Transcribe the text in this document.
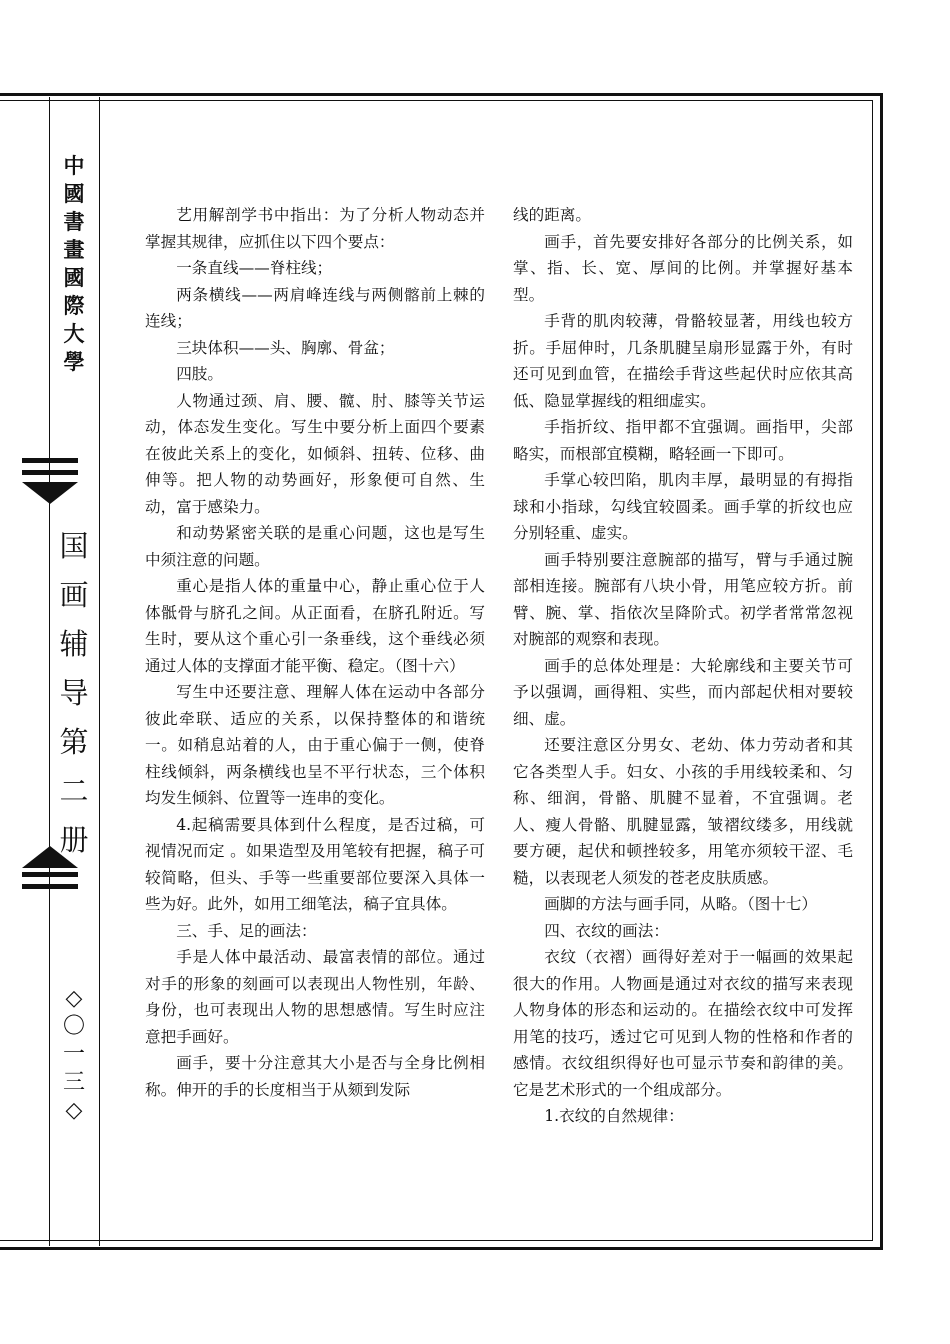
中
國
書
畫
國
際
大
學
国
画
辅
导
第
二
册
◇
〇
一
三
◇

艺用解剖学书中指出：为了分析人物动态并掌握其规律，应抓住以下四个要点：

一条直线——脊柱线；

两条横线——两肩峰连线与两侧髂前上棘的连线；

三块体积——头、胸廓、骨盆；

四肢。

人物通过颈、肩、腰、髋、肘、膝等关节运动，体态发生变化。写生中要分析上面四个要素在彼此关系上的变化，如倾斜、扭转、位移、曲伸等。把人物的动势画好，形象便可自然、生动，富于感染力。

和动势紧密关联的是重心问题，这也是写生中须注意的问题。

重心是指人体的重量中心，静止重心位于人体骶骨与脐孔之间。从正面看，在脐孔附近。写生时，要从这个重心引一条垂线，这个垂线必须通过人体的支撑面才能平衡、稳定。（图十六）

写生中还要注意、理解人体在运动中各部分彼此牵联、适应的关系，以保持整体的和谐统一。如稍息站着的人，由于重心偏于一侧，使脊柱线倾斜，两条横线也呈不平行状态，三个体积均发生倾斜、位置等一连串的变化。

4.起稿需要具体到什么程度，是否过稿，可视情况而定 。如果造型及用笔较有把握，稿子可较简略，但头、手等一些重要部位要深入具体一些为好。此外，如用工细笔法，稿子宜具体。

三、手、足的画法：

手是人体中最活动、最富表情的部位。通过对手的形象的刻画可以表现出人物性别，年龄、身份，也可表现出人物的思想感情。写生时应注意把手画好。

画手，要十分注意其大小是否与全身比例相称。伸开的手的长度相当于从颏到发际

线的距离。

画手，首先要安排好各部分的比例关系，如掌、指、长、宽、厚间的比例。并掌握好基本型。

手背的肌肉较薄，骨骼较显著，用线也较方折。手屈伸时，几条肌腱呈扇形显露于外，有时还可见到血管，在描绘手背这些起伏时应依其高低、隐显掌握线的粗细虚实。

手指折纹、指甲都不宜强调。画指甲，尖部略实，而根部宜模糊，略轻画一下即可。

手掌心较凹陷，肌肉丰厚，最明显的有拇指球和小指球，勾线宜较圆柔。画手掌的折纹也应分别轻重、虚实。

画手特别要注意腕部的描写，臂与手通过腕部相连接。腕部有八块小骨，用笔应较方折。前臂、腕、掌、指依次呈降阶式。初学者常常忽视对腕部的观察和表现。

画手的总体处理是：大轮廓线和主要关节可予以强调，画得粗、实些，而内部起伏相对要较细、虚。

还要注意区分男女、老幼、体力劳动者和其它各类型人手。妇女、小孩的手用线较柔和、匀称、细润，骨骼、肌腱不显着，不宜强调。老人、瘦人骨骼、肌腱显露，皱褶纹缕多，用线就要方硬，起伏和顿挫较多，用笔亦须较干涩、毛糙，以表现老人须发的苍老皮肤质感。

画脚的方法与画手同，从略。（图十七）

四、衣纹的画法：

衣纹（衣褶）画得好差对于一幅画的效果起很大的作用。人物画是通过对衣纹的描写来表现人物身体的形态和运动的。在描绘衣纹中可发挥用笔的技巧，透过它可见到人物的性格和作者的感情。衣纹组织得好也可显示节奏和韵律的美。它是艺术形式的一个组成部分。

1.衣纹的自然规律：
